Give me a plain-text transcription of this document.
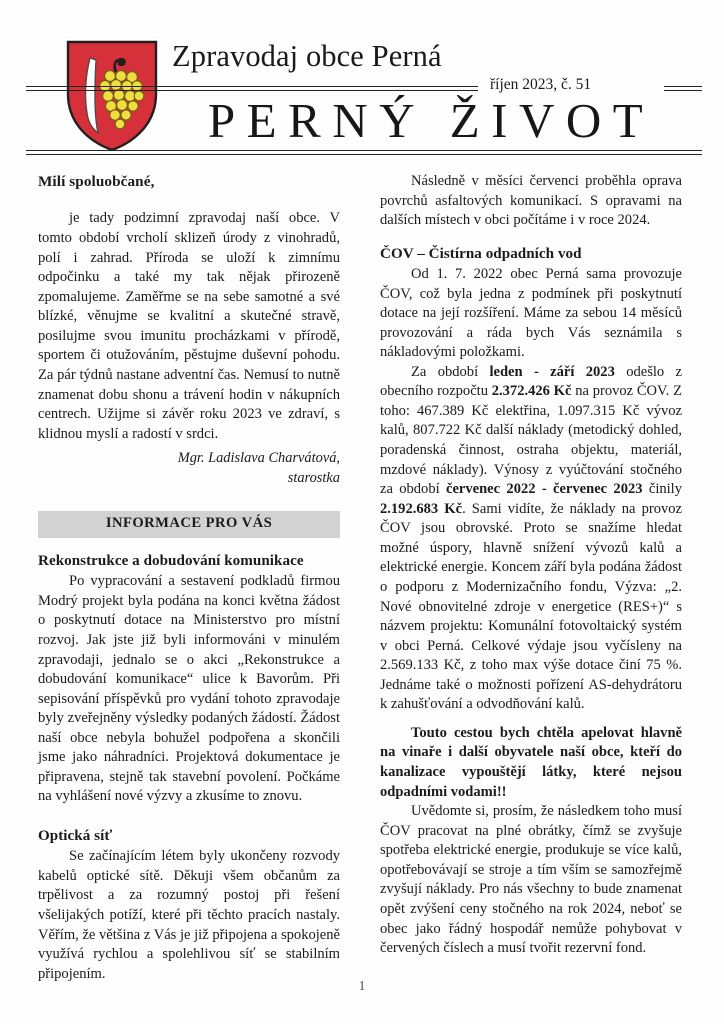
Zpravodaj obce Perná
říjen 2023, č. 51
PERNÝ ŽIVOT
Milí spoluobčané,

je tady podzimní zpravodaj naší obce. V tomto období vrcholí sklizeň úrody z vinohradů, polí i zahrad. Příroda se uloží k zimnímu odpočinku a také my tak nějak přirozeně zpomalujeme. Zaměřme se na sebe samotné a své blízké, věnujme se kvalitní a skutečné stravě, posilujme svou imunitu procházkami v přírodě, sportem či otužováním, pěstujme duševní pohodu. Za pár týdnů nastane adventní čas. Nemusí to nutně znamenat dobu shonu a trávení hodin v nákupních centrech. Užijme si závěr roku 2023 ve zdraví, s klidnou myslí a radostí v srdci.

Mgr. Ladislava Charvátová,
starostka
INFORMACE PRO VÁS
Rekonstrukce a dobudování komunikace

Po vypracování a sestavení podkladů firmou Modrý projekt byla podána na konci května žádost o poskytnutí dotace na Ministerstvo pro místní rozvoj. Jak jste již byli informováni v minulém zpravodaji, jednalo se o akci „Rekonstrukce a dobudování komunikace“ ulice k Bavorům. Při sepisování příspěvků pro vydání tohoto zpravodaje byly zveřejněny výsledky podaných žádostí. Žádost naší obce nebyla bohužel podpořena a skončili jsme jako náhradníci. Projektová dokumentace je připravena, stejně tak stavební povolení. Počkáme na vyhlášení nové výzvy a zkusíme to znovu.

Optická síť

Se začínajícím létem byly ukončeny rozvody kabelů optické sítě. Děkuji všem občanům za trpělivost a za rozumný postoj při řešení všelijakých potíží, které při těchto pracích nastaly. Věřím, že většina z Vás je již připojena a spokojeně využívá rychlou a spolehlivou síť se stabilním připojením.

Následně v měsíci červenci proběhla oprava povrchů asfaltových komunikací. S opravami na dalších místech v obci počítáme i v roce 2024.

ČOV – Čistírna odpadních vod

Od 1. 7. 2022 obec Perná sama provozuje ČOV, což byla jedna z podmínek při poskytnutí dotace na její rozšíření. Máme za sebou 14 měsíců provozování a ráda bych Vás seznámila s nákladovými položkami.

Za období leden - září 2023 odešlo z obecního rozpočtu 2.372.426 Kč na provoz ČOV. Z toho: 467.389 Kč elektřina, 1.097.315 Kč vývoz kalů, 807.722 Kč další náklady (metodický dohled, poradenská činnost, ostraha objektu, materiál, mzdové náklady). Výnosy z vyúčtování stočného za období červenec 2022 - červenec 2023 činily 2.192.683 Kč. Sami vidíte, že náklady na provoz ČOV jsou obrovské. Proto se snažíme hledat možné úspory, hlavně snížení vývozů kalů a elektrické energie. Koncem září byla podána žádost o podporu z Modernizačního fondu, Výzva: „2. Nové obnovitelné zdroje v energetice (RES+)“ s názvem projektu: Komunální fotovoltaický systém v obci Perná. Celkové výdaje jsou vyčísleny na 2.569.133 Kč, z toho max výše dotace činí 75 %. Jednáme také o možnosti pořízení AS-dehydrátoru k zahušťování a odvodňování kalů.

Touto cestou bych chtěla apelovat hlavně na vinaře i další obyvatele naší obce, kteří do kanalizace vypouštějí látky, které nejsou odpadními vodami!!

Uvědomte si, prosím, že následkem toho musí ČOV pracovat na plné obrátky, čímž se zvyšuje spotřeba elektrické energie, produkuje se více kalů, opotřebovávají se stroje a tím vším se samozřejmě zvyšují náklady. Pro nás všechny to bude znamenat opět zvýšení ceny stočného na rok 2024, neboť se obec jako řádný hospodář nemůže pohybovat v červených číslech a musí tvořit rezervní fond.

1
